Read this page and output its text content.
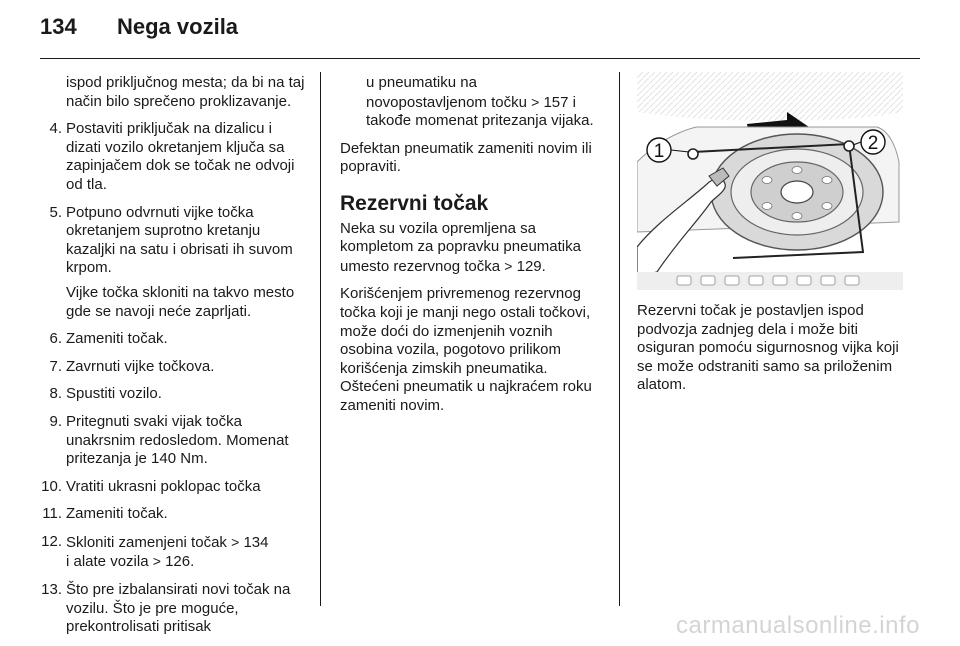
134 Nega vozila

ispod priključnog mesta; da bi na taj način bilo sprečeno proklizavanje.

4. Postaviti priključak na dizalicu i dizati vozilo okretanjem ključa sa zapinjačem dok se točak ne odvoji od tla.
5. Potpuno odvrnuti vijke točka okretanjem suprotno kretanju kazaljki na satu i obrisati ih suvom krpom.
Vijke točka skloniti na takvo mesto gde se navoji neće zaprljati.
6. Zameniti točak.
7. Zavrnuti vijke točkova.
8. Spustiti vozilo.
9. Pritegnuti svaki vijak točka unakrsnim redosledom. Momenat pritezanja je 140 Nm.
10. Vratiti ukrasni poklopac točka
11. Zameniti točak.
12. Skloniti zamenjeni točak ˃ 134
i alate vozila ˃ 126.
13. Što pre izbalansirati novi točak na vozilu. Što je pre moguće, prekontrolisati pritisak

u pneumatiku na novopostavljenom točku ˃ 157 i takođe momenat pritezanja vijaka.

Defektan pneumatik zameniti novim ili popraviti.

Rezervni točak

Neka su vozila opremljena sa kompletom za popravku pneumatika umesto rezervnog točka ˃ 129.

Korišćenjem privremenog rezervnog točka koji je manji nego ostali točkovi, može doći do izmenjenih voznih osobina vozila, pogotovo prilikom korišćenja zimskih pneumatika. Oštećeni pneumatik u najkraćem roku zameniti novim.

1	2
Rezervni točak je postavljen ispod podvozja zadnjeg dela i može biti osiguran pomoću sigurnosnog vijka koji se može odstraniti samo sa priloženim alatom.
carmanualsonline.info
